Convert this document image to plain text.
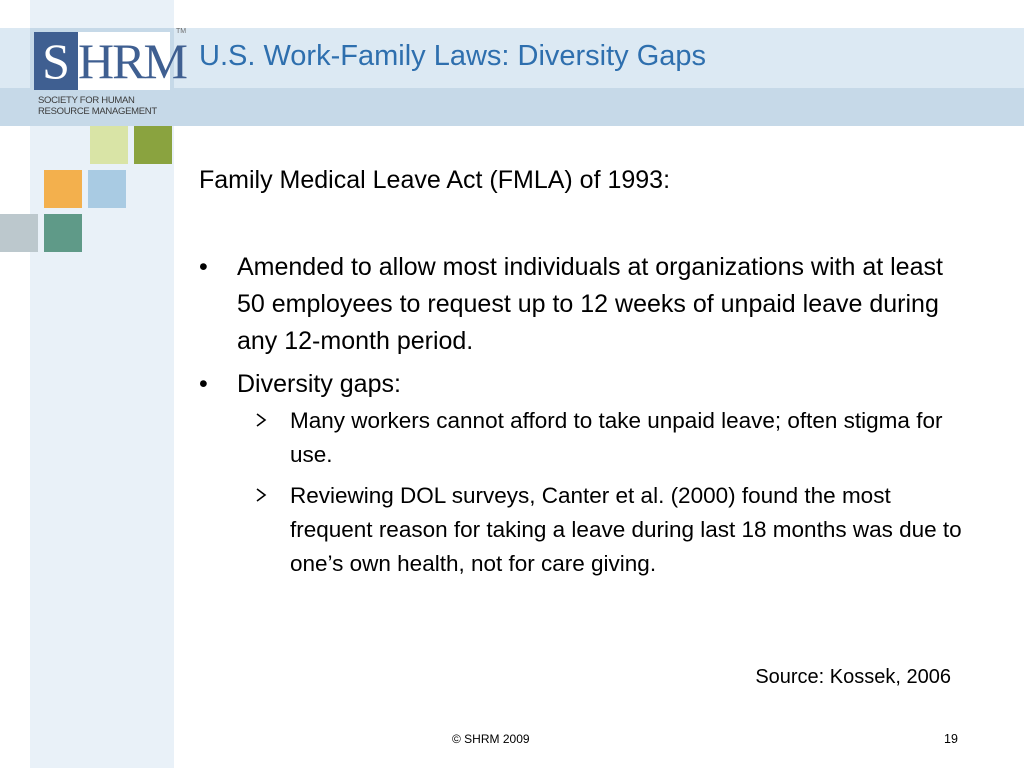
S HRM
SOCIETY FOR HUMAN
RESOURCE MANAGEMENT
TM
U.S. Work-Family Laws: Diversity Gaps

Family Medical Leave Act (FMLA) of 1993:

• Amended to allow most individuals at organizations with at least 50 employees to request up to 12 weeks of unpaid leave during any 12-month period.
• Diversity gaps:
Many workers cannot afford to take unpaid leave; often stigma for use.
Reviewing DOL surveys, Canter et al. (2000) found the most frequent reason for taking a leave during last 18 months was due to one’s own health, not for care giving.
Source: Kossek, 2006
© SHRM 2009	19
